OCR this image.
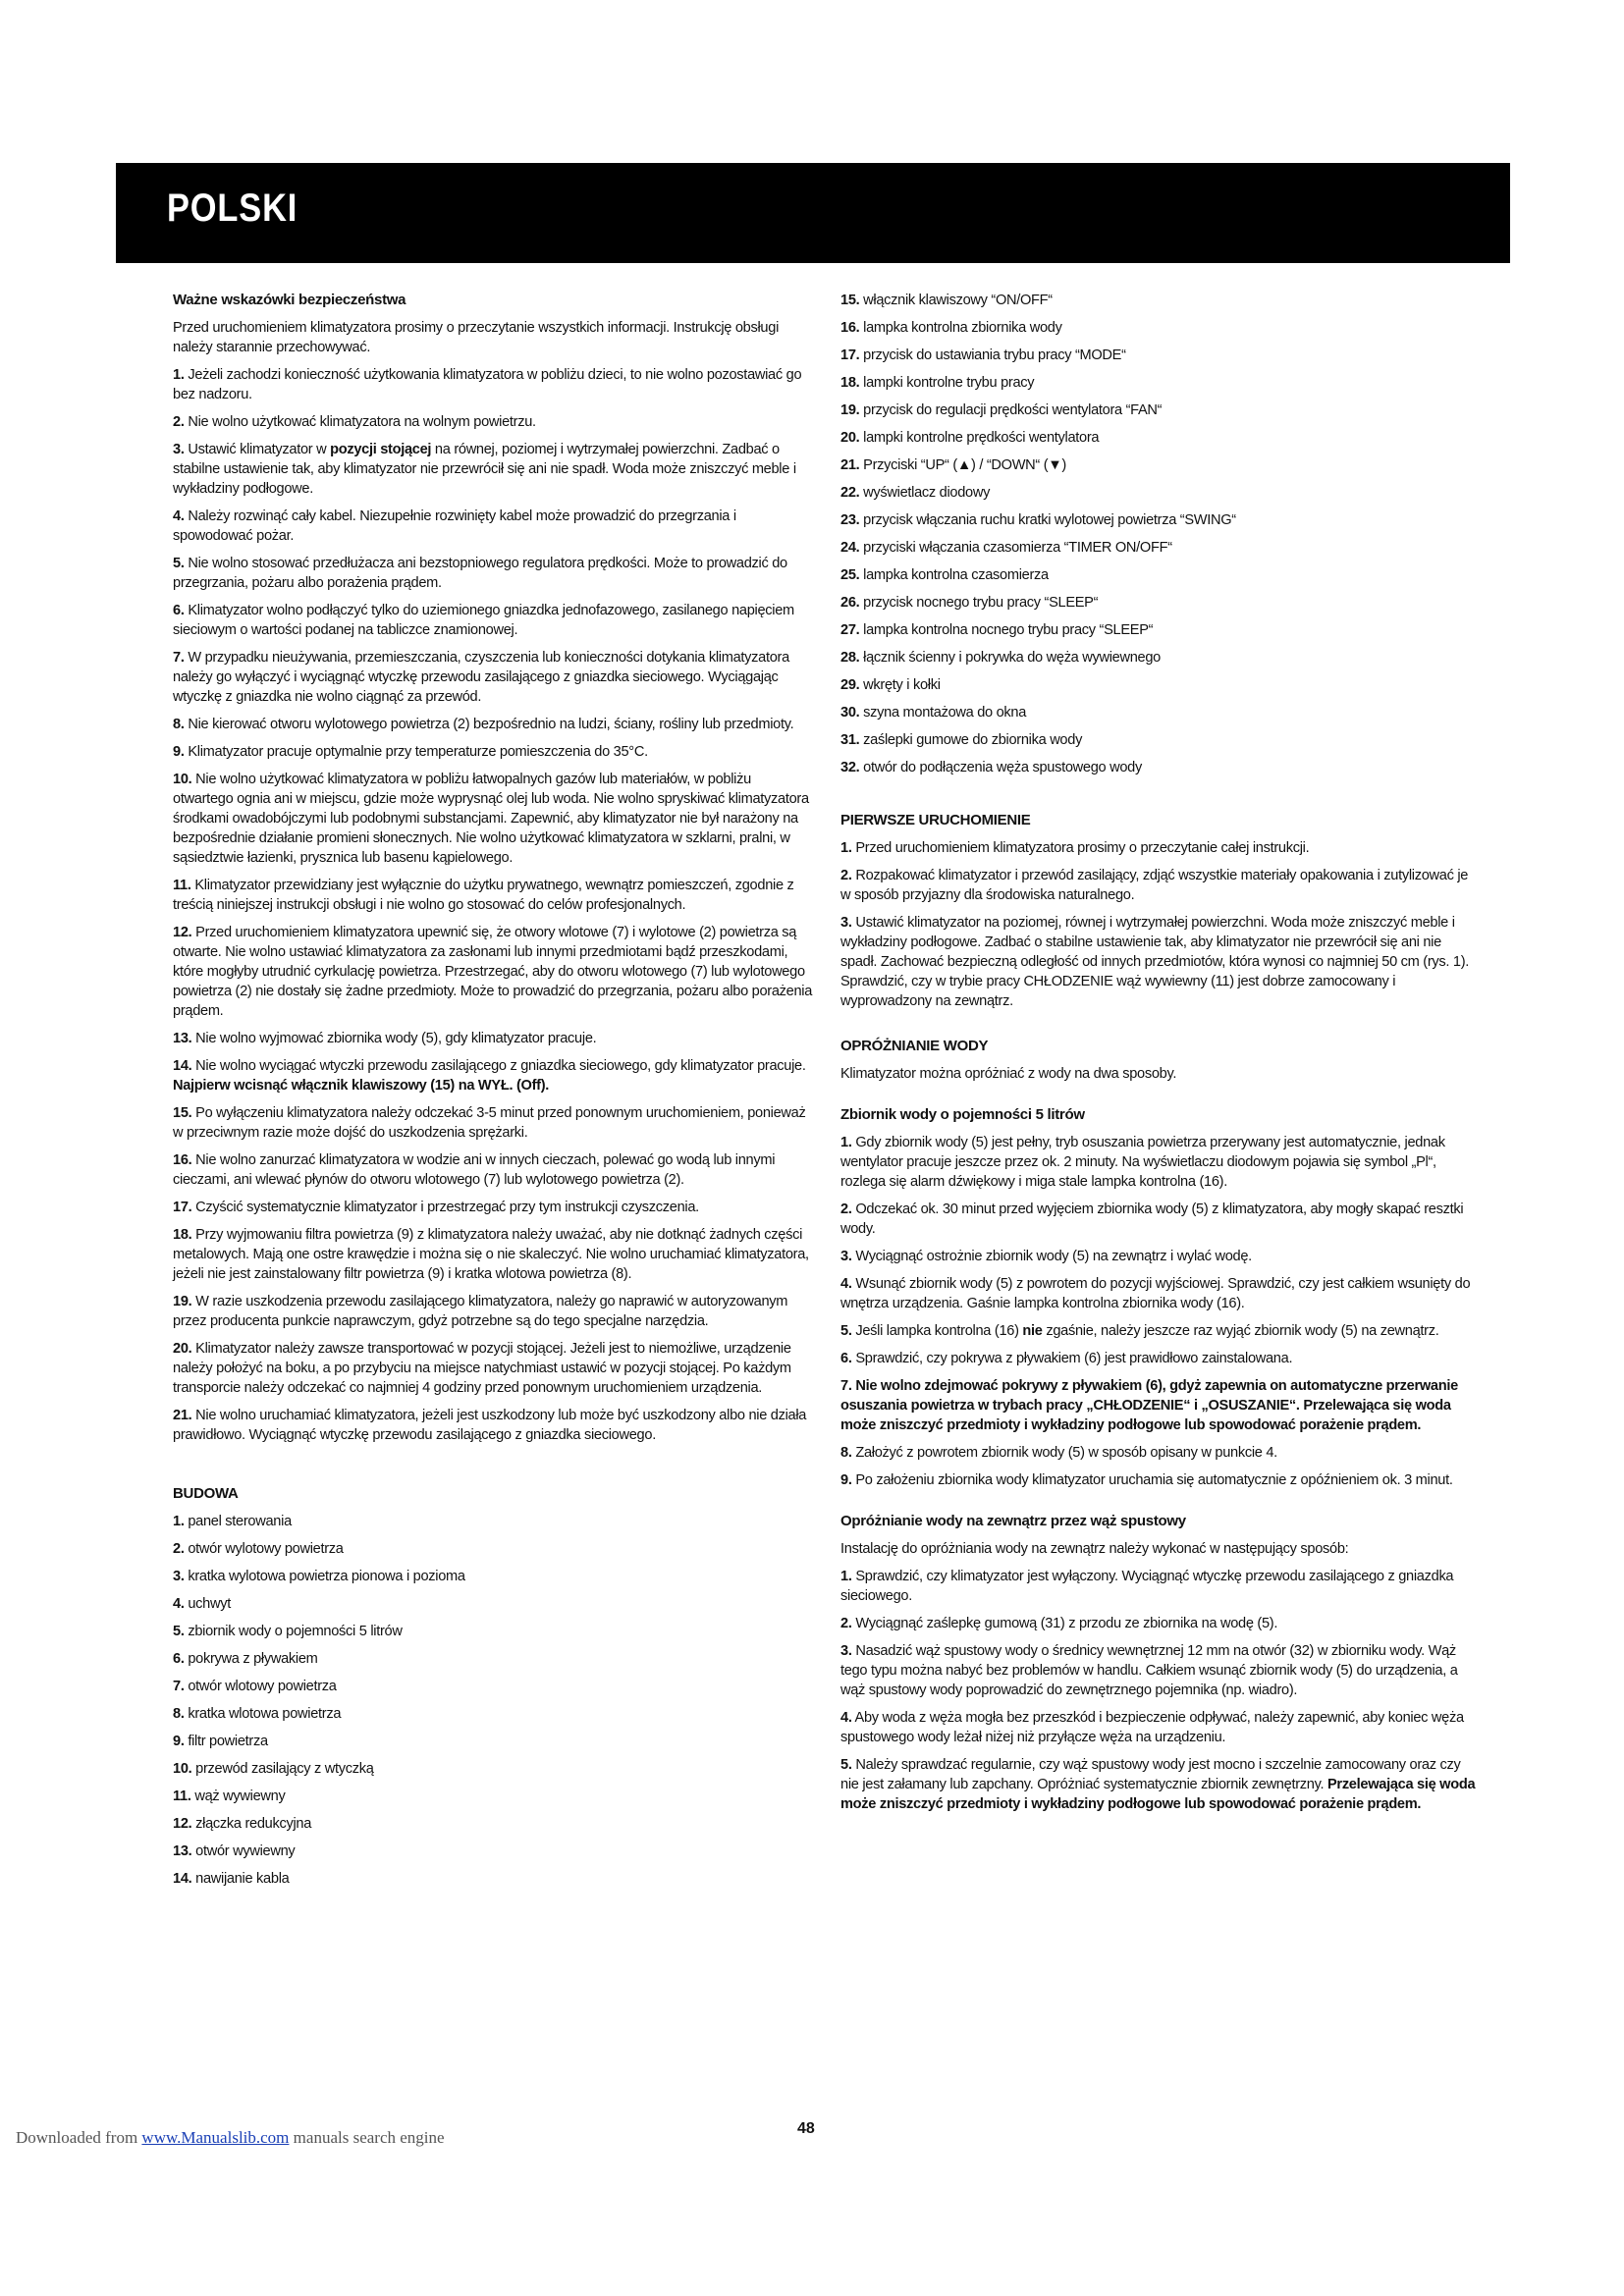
POLSKI
Ważne wskazówki bezpieczeństwa

Przed uruchomieniem klimatyzatora prosimy o przeczytanie wszystkich informacji. Instrukcję obsługi należy starannie przechowywać.

1. Jeżeli zachodzi konieczność użytkowania klimatyzatora w pobliżu dzieci, to nie wolno pozostawiać go bez nadzoru.

2. Nie wolno użytkować klimatyzatora na wolnym powietrzu.

3. Ustawić klimatyzator w pozycji stojącej na równej, poziomej i wytrzymałej powierzchni. Zadbać o stabilne ustawienie tak, aby klimatyzator nie przewrócił się ani nie spadł. Woda może zniszczyć meble i wykładziny podłogowe.

4. Należy rozwinąć cały kabel. Niezupełnie rozwinięty kabel może prowadzić do przegrzania i spowodować pożar.

5. Nie wolno stosować przedłużacza ani bezstopniowego regulatora prędkości. Może to prowadzić do przegrzania, pożaru albo porażenia prądem.

6. Klimatyzator wolno podłączyć tylko do uziemionego gniazdka jednofazowego, zasilanego napięciem sieciowym o wartości podanej na tabliczce znamionowej.

7. W przypadku nieużywania, przemieszczania, czyszczenia lub konieczności dotykania klimatyzatora należy go wyłączyć i wyciągnąć wtyczkę przewodu zasilającego z gniazdka sieciowego. Wyciągając wtyczkę z gniazdka nie wolno ciągnąć za przewód.

8. Nie kierować otworu wylotowego powietrza (2) bezpośrednio na ludzi, ściany, rośliny lub przedmioty.

9. Klimatyzator pracuje optymalnie przy temperaturze pomieszczenia do 35°C.

10. Nie wolno użytkować klimatyzatora w pobliżu łatwopalnych gazów lub materiałów, w pobliżu otwartego ognia ani w miejscu, gdzie może wyprysnąć olej lub woda. Nie wolno spryskiwać klimatyzatora środkami owadobójczymi lub podobnymi substancjami. Zapewnić, aby klimatyzator nie był narażony na bezpośrednie działanie promieni słonecznych. Nie wolno użytkować klimatyzatora w szklarni, pralni, w sąsiedztwie łazienki, prysznica lub basenu kąpielowego.

11. Klimatyzator przewidziany jest wyłącznie do użytku prywatnego, wewnątrz pomieszczeń, zgodnie z treścią niniejszej instrukcji obsługi i nie wolno go stosować do celów profesjonalnych.

12. Przed uruchomieniem klimatyzatora upewnić się, że otwory wlotowe (7) i wylotowe (2) powietrza są otwarte. Nie wolno ustawiać klimatyzatora za zasłonami lub innymi przedmiotami bądź przeszkodami, które mogłyby utrudnić cyrkulację powietrza. Przestrzegać, aby do otworu wlotowego (7) lub wylotowego powietrza (2) nie dostały się żadne przedmioty. Może to prowadzić do przegrzania, pożaru albo porażenia prądem.

13. Nie wolno wyjmować zbiornika wody (5), gdy klimatyzator pracuje.

14. Nie wolno wyciągać wtyczki przewodu zasilającego z gniazdka sieciowego, gdy klimatyzator pracuje. Najpierw wcisnąć włącznik klawiszowy (15) na WYŁ. (Off).

15. Po wyłączeniu klimatyzatora należy odczekać 3-5 minut przed ponownym uruchomieniem, ponieważ w przeciwnym razie może dojść do uszkodzenia sprężarki.

16. Nie wolno zanurzać klimatyzatora w wodzie ani w innych cieczach, polewać go wodą lub innymi cieczami, ani wlewać płynów do otworu wlotowego (7) lub wylotowego powietrza (2).

17. Czyścić systematycznie klimatyzator i przestrzegać przy tym instrukcji czyszczenia.

18. Przy wyjmowaniu filtra powietrza (9) z klimatyzatora należy uważać, aby nie dotknąć żadnych części metalowych. Mają one ostre krawędzie i można się o nie skaleczyć. Nie wolno uruchamiać klimatyzatora, jeżeli nie jest zainstalowany filtr powietrza (9) i kratka wlotowa powietrza (8).

19. W razie uszkodzenia przewodu zasilającego klimatyzatora, należy go naprawić w autoryzowanym przez producenta punkcie naprawczym, gdyż potrzebne są do tego specjalne narzędzia.

20. Klimatyzator należy zawsze transportować w pozycji stojącej. Jeżeli jest to niemożliwe, urządzenie należy położyć na boku, a po przybyciu na miejsce natychmiast ustawić w pozycji stojącej. Po każdym transporcie należy odczekać co najmniej 4 godziny przed ponownym uruchomieniem urządzenia.

21. Nie wolno uruchamiać klimatyzatora, jeżeli jest uszkodzony lub może być uszkodzony albo nie działa prawidłowo. Wyciągnąć wtyczkę przewodu zasilającego z gniazdka sieciowego.

BUDOWA

1. panel sterowania

2. otwór wylotowy powietrza

3. kratka wylotowa powietrza pionowa i pozioma

4. uchwyt

5. zbiornik wody o pojemności 5 litrów

6. pokrywa z pływakiem

7. otwór wlotowy powietrza

8. kratka wlotowa powietrza

9. filtr powietrza

10. przewód zasilający z wtyczką

11. wąż wywiewny

12. złączka redukcyjna

13. otwór wywiewny

14. nawijanie kabla

15. włącznik klawiszowy “ON/OFF“

16. lampka kontrolna zbiornika wody

17. przycisk do ustawiania trybu pracy “MODE“

18. lampki kontrolne trybu pracy

19. przycisk do regulacji prędkości wentylatora “FAN“

20. lampki kontrolne prędkości wentylatora

21. Przyciski “UP“ (▲) / “DOWN“ (▼)

22. wyświetlacz diodowy

23. przycisk włączania ruchu kratki wylotowej powietrza “SWING“

24. przyciski włączania czasomierza “TIMER ON/OFF“

25. lampka kontrolna czasomierza

26. przycisk nocnego trybu pracy “SLEEP“

27. lampka kontrolna nocnego trybu pracy “SLEEP“

28. łącznik ścienny i pokrywka do węża wywiewnego

29. wkręty i kołki

30. szyna montażowa do okna

31. zaślepki gumowe do zbiornika wody

32. otwór do podłączenia węża spustowego wody

PIERWSZE URUCHOMIENIE

1. Przed uruchomieniem klimatyzatora prosimy o przeczytanie całej instrukcji.

2. Rozpakować klimatyzator i przewód zasilający, zdjąć wszystkie materiały opakowania i zutylizować je w sposób przyjazny dla środowiska naturalnego.

3. Ustawić klimatyzator na poziomej, równej i wytrzymałej powierzchni. Woda może zniszczyć meble i wykładziny podłogowe. Zadbać o stabilne ustawienie tak, aby klimatyzator nie przewrócił się ani nie spadł. Zachować bezpieczną odległość od innych przedmiotów, która wynosi co najmniej 50 cm (rys. 1). Sprawdzić, czy w trybie pracy CHŁODZENIE wąż wywiewny (11) jest dobrze zamocowany i wyprowadzony na zewnątrz.

OPRÓŻNIANIE WODY

Klimatyzator można opróżniać z wody na dwa sposoby.

Zbiornik wody o pojemności 5 litrów

1. Gdy zbiornik wody (5) jest pełny, tryb osuszania powietrza przerywany jest automatycznie, jednak wentylator pracuje jeszcze przez ok. 2 minuty. Na wyświetlaczu diodowym pojawia się symbol „Pl“, rozlega się alarm dźwiękowy i miga stale lampka kontrolna (16).

2. Odczekać ok. 30 minut przed wyjęciem zbiornika wody (5) z klimatyzatora, aby mogły skapać resztki wody.

3. Wyciągnąć ostrożnie zbiornik wody (5) na zewnątrz i wylać wodę.

4. Wsunąć zbiornik wody (5) z powrotem do pozycji wyjściowej. Sprawdzić, czy jest całkiem wsunięty do wnętrza urządzenia. Gaśnie lampka kontrolna zbiornika wody (16).

5. Jeśli lampka kontrolna (16) nie zgaśnie, należy jeszcze raz wyjąć zbiornik wody (5) na zewnątrz.

6. Sprawdzić, czy pokrywa z pływakiem (6) jest prawidłowo zainstalowana.

7. Nie wolno zdejmować pokrywy z pływakiem (6), gdyż zapewnia on automatyczne przerwanie osuszania powietrza w trybach pracy „CHŁODZENIE“ i „OSUSZANIE“. Przelewająca się woda może zniszczyć przedmioty i wykładziny podłogowe lub spowodować porażenie prądem.

8. Założyć z powrotem zbiornik wody (5) w sposób opisany w punkcie 4.

9. Po założeniu zbiornika wody klimatyzator uruchamia się automatycznie z opóźnieniem ok. 3 minut.

Opróżnianie wody na zewnątrz przez wąż spustowy

Instalację do opróżniania wody na zewnątrz należy wykonać w następujący sposób:

1. Sprawdzić, czy klimatyzator jest wyłączony. Wyciągnąć wtyczkę przewodu zasilającego z gniazdka sieciowego.

2. Wyciągnąć zaślepkę gumową (31) z przodu ze zbiornika na wodę (5).

3. Nasadzić wąż spustowy wody o średnicy wewnętrznej 12 mm na otwór (32) w zbiorniku wody. Wąż tego typu można nabyć bez problemów w handlu. Całkiem wsunąć zbiornik wody (5) do urządzenia, a wąż spustowy wody poprowadzić do zewnętrznego pojemnika (np. wiadro).

4. Aby woda z węża mogła bez przeszkód i bezpieczenie odpływać, należy zapewnić, aby koniec węża spustowego wody leżał niżej niż przyłącze węża na urządzeniu.

5. Należy sprawdzać regularnie, czy wąż spustowy wody jest mocno i szczelnie zamocowany oraz czy nie jest załamany lub zapchany. Opróżniać systematycznie zbiornik zewnętrzny. Przelewająca się woda może zniszczyć przedmioty i wykładziny podłogowe lub spowodować porażenie prądem.

48
Downloaded from www.Manualslib.com manuals search engine
